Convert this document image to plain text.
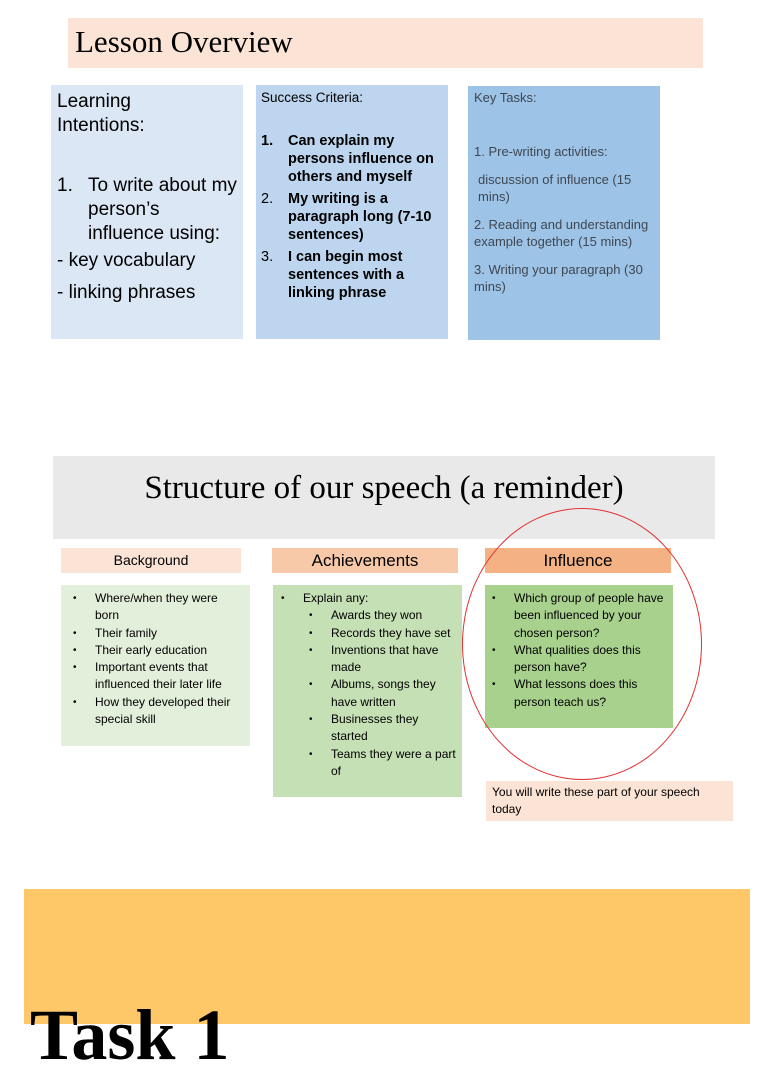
Lesson Overview
Learning Intentions:
1. To write about my person’s influence using:
- key vocabulary
- linking phrases
Success Criteria:
1.	Can explain my persons influence on others and myself
2.	My writing is a paragraph long (7-10 sentences)
3.	I can begin most sentences with a linking phrase
Key Tasks:
1. Pre-writing activities:
discussion of influence (15 mins)
2. Reading and understanding example together (15 mins)
3. Writing your paragraph (30 mins)
Structure of our speech (a reminder)
Background	Achievements	Influence
• Where/when they were born
• Their family
• Their early education
• Important events that influenced their later life
• How they developed their special skill
• Explain any:
• Awards they won
• Records they have set
• Inventions that have made
• Albums, songs they have written
• Businesses they started
• Teams they were a part of
• Which group of people have been influenced by your chosen person?
• What qualities does this person have?
• What lessons does this person teach us?
You will write these part of your speech today
Task 1
